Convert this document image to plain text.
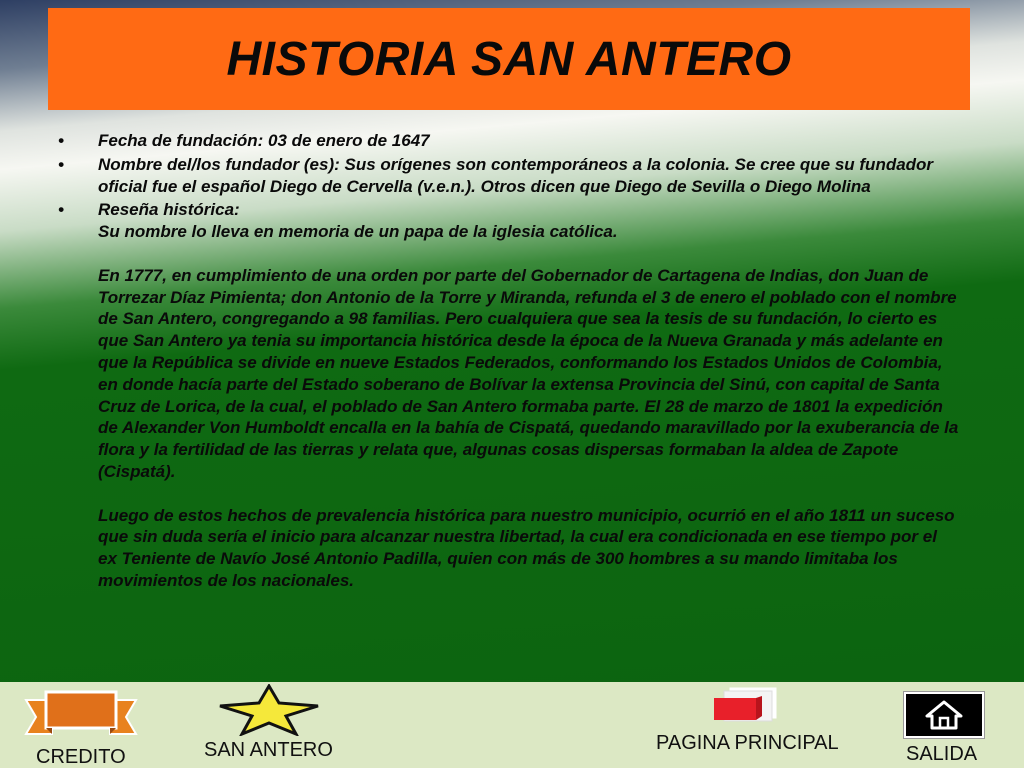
HISTORIA SAN ANTERO
• Fecha de fundación: 03 de enero de 1647
• Nombre del/los fundador (es): Sus orígenes son contemporáneos a la colonia. Se cree que su fundador oficial fue el español Diego de Cervella (v.e.n.). Otros dicen que Diego de Sevilla o Diego Molina
• Reseña histórica:
Su nombre lo lleva en memoria de un papa de la iglesia católica.
En 1777, en cumplimiento de una orden por parte del Gobernador de Cartagena de Indias, don Juan de Torrezar Díaz Pimienta; don Antonio de la Torre y Miranda, refunda el 3 de enero el poblado con el nombre de San Antero, congregando a 98 familias. Pero cualquiera que sea la tesis de su fundación, lo cierto es que San Antero ya tenia su importancia histórica desde la época de la Nueva Granada y más adelante en que la República se divide en nueve Estados Federados, conformando los Estados Unidos de Colombia, en donde hacía parte del Estado soberano de Bolívar la extensa Provincia del Sinú, con capital de Santa Cruz de Lorica, de la cual, el poblado de San Antero formaba parte. El 28 de marzo de 1801 la expedición de Alexander Von Humboldt encalla en la bahía de Cispatá, quedando maravillado por la exuberancia de la flora y la fertilidad de las tierras y relata que, algunas cosas dispersas formaban la aldea de Zapote (Cispatá).
Luego de estos hechos de prevalencia histórica para nuestro municipio, ocurrió en el año 1811 un suceso que sin duda sería el inicio para alcanzar nuestra libertad, la cual era condicionada en ese tiempo por el ex Teniente de Navío José Antonio Padilla, quien con más de 300 hombres a su mando limitaba los movimientos de los nacionales.
CREDITO	SAN ANTERO	PAGINA PRINCIPAL	SALIDA
